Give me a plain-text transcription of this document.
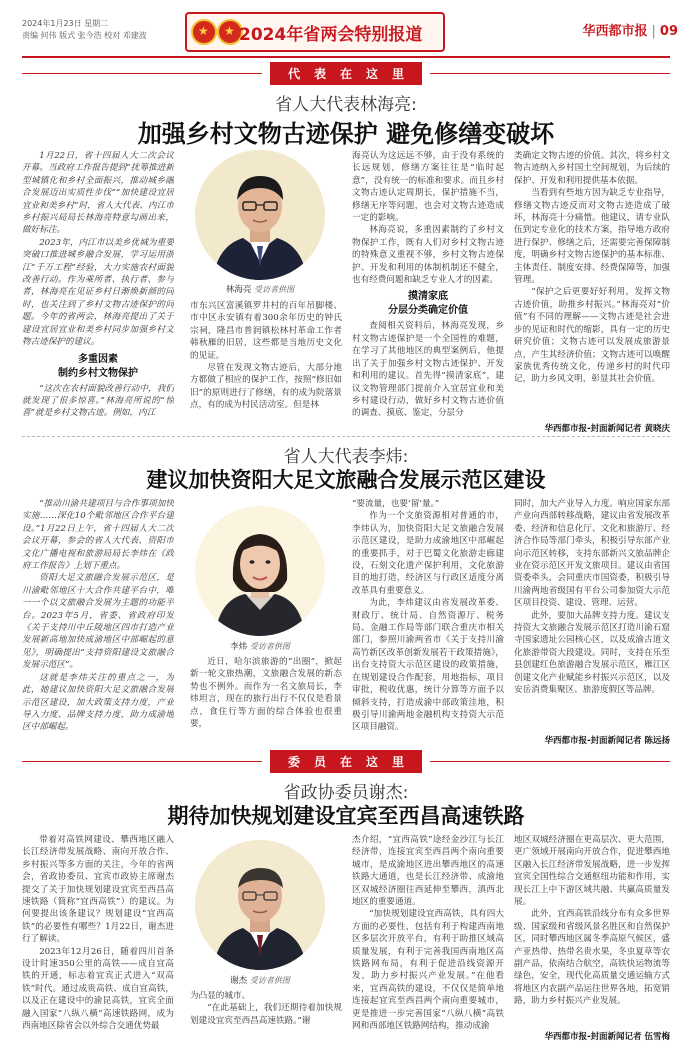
2024年1月23日 星期二
责编 何伟 版式 张今浩 校对 邓建波	★ ★ 2024年省两会特别报道	华西都市报 | 09
代表在这里
省人大代表林海亮:
加强乡村文物古迹保护 避免修缮变破坏

1月22日，省十四届人大二次会议开幕。当政府工作报告提到“扰筹推进新型城镇化和乡村全面振兴，推动城乡融合发展迈出实质性步伐”“加快建设宜居宜业和美乡村”时，省人大代表、内江市乡村振兴局局长林海亮特意勾画出来，做好标注。

2023年，内江市以美乡优城为重要突破口推进城乡融合发展，学习运用浙江“千万工程”经验，大力实施农村面貌改善行动。作为乘所者、执行者、参与者，林海亮在见证乡村日渐焕新颜的同时，也关注到了乡村文物古迹保护的问题。今年的省两会，林海亮提出了关于建设宜居宜业和美乡村同步加强乡村文物古迹保护的建议。

多重因素
制约乡村文物保护

“这次在农村面貌改善行动中，我们就发现了很多惊喜。”林海亮所说的“惊喜”就是乡村文物古迹。例如，内江

林海亮 受访者供图

市东兴区富溪镇罗井村的百年吊脚楼、市中区永安镇有着300余年历史的钟氏宗祠，隆昌市普润镇松林村革命工作者韩秋雁的旧居，这些都是当地历史文化的见证。

尽管在发现文物古迹后，大部分地方都做了相应的保护工作，按照“修旧如旧”的原则进行了修缮，有的成为院落景点，有的成为村民活动室。但是林

海亮认为这远远不够，由于没有系统的长远规划，修缮方案往往是“临时起意”，没有统一的标准和要求。而且乡村文物古迹认定周期长，保护措施不当，修缮无序等问题，也会对文物古迹造成一定的影响。

林海亮说，多重因素制约了乡村文物保护工作，既有人们对乡村文物古迹的特殊意义重视不够，乡村文物古迹保护、开发和利用的体制机制还不健全，也有经费问题和缺乏专业人才的因素。

摸清家底
分层分类确定价值

查阅相关资料后，林海亮发现，乡村文物古迹保护是一个全国性的难题，在学习了其他地区的典型案例后，他提出了关于加强乡村文物古迹保护、开发和利用的建议。首先得“摸清家底”，建议文物管理部门提前介入宜居宜业和美乡村建设行动，做好乡村文物古迹价值的调查、摸底、鉴定，分层分

类确定文物古迹的价值。其次，将乡村文物古迹纳入乡村国土空间规划，为后续的保护、开发和利用提供基本依据。

当看到有些地方因为缺乏专业指导，修缮文物古迹反而对文物古迹造成了破坏，林海亮十分痛惜。他建议，请专业队伍到定专业化的技术方案，指导地方政府进行保护、修缮之后，还需要完善保障制度，明确乡村文物古迹保护的基本标准、主体责任、制度安排、经费保障等，加强管理。

“保护之后更要好好利用，发挥文物古迹价值，助推乡村振兴。”林海亮对“价值”有不同的理解——文物古迹是社会进步的见证和时代的缩影，具有一定的历史研究价值；文物古迹可以发展成旅游景点，产生其经济价值；文物古迹可以唤醒家族优秀传统文化，传递乡村的时代印记，助力乡风文明，彰显其社会价值。

华西都市报-封面新闻记者 黄晓庆
省人大代表李炜:
建议加快资阳大足文旅融合发展示范区建设

“推动川渝共建项目与合作事项加快实施……深化10个毗邻地区合作平台建设。”1月22日上午，省十四届人大二次会议开幕，参会的省人大代表、资阳市文化广播电视和旅游局局长李炜在《政府工作报告》上划下重点。

资阳大足文旅融合发展示范区，是川渝毗邻地区十大合作共建平台中，唯一一个以文旅融合发展为主题的功能平台。2023年5月，省委、省政府印发《关于支持川中丘陵地区四市打造产业发展新高地加快成渝地区中部崛起的意见》，明确提出“支持资阳建设文旅融合发展示范区”。

这就是李炜关注的重点之一，为此，她建议加快资阳大足文旅融合发展示范区建设，加大政策支持力度，产业导入力度、品牌支持力度，助力成渝地区中部崛起。

李炜 受访者供图

近日，哈尔滨旅游的“出圈”，掀起新一轮文旅热潮，文旅融合发展的新态势也不例外。而作为一名文旅局长，李炜坦言，现在的旅行出行不仅仅是看景点，食住行等方面的综合体验也很重要，

“要流量，也要‘留’量。”

作为一个文旅资源相对普通的市，李炜认为，加快资阳大足文旅融合发展示范区建设，是助力成渝地区中部崛起的重要抓手，对于巴蜀文化旅游走廊建设，石刻文化遗产保护利用，文化旅游目的地打造，经济区与行政区适度分离改革具有重要意义。

为此，李炜建议由省发展改革委、财政厅、统计局、自然资源厅、税务局、金融工作局等部门联合重庆市相关部门，参照川渝两省市《关于支持川渝高竹新区改革创新发展若干政策措施》，出台支持资大示范区建设的政策措施，在规划建设合作配套，用地指标，项目审批，税收优惠，统计分算等方面予以倾斜支持，打造成渝中部政策洼地，积极引导川渝两地金融机构支持资大示范区项目融资。

同时，加大产业导入力度。响应国家东部产业向西部转移战略，建议由省发展改革委、经济和信息化厅、文化和旅游厅、经济合作局等部门牵头，积极引导东部产业向示范区转移，支持东部新兴文旅品牌企业在资示范区开发文旅项目。建议由省国资委牵头，会同重庆市国资委，积极引导川渝两地省级国有平台公司参加资大示范区项目投资、建设、管理、运营。

此外，要加大品牌支持力度。建议支持资大文旅融合发展示范区打造川渝石窟寺国家遗址公园核心区，以及成渝古道文化旅游带资大段建设。同时，支持在乐至县创建红色旅游融合发展示范区，雁江区创建文化产业赋能乡村振兴示范区，以及安岳消费集聚区、旅游度假区等品牌。

华西都市报-封面新闻记者 陈远扬
委员在这里
省政协委员谢杰:
期待加快规划建设宜宾至西昌高速铁路

带着对高铁网建设、攀西地区融入长江经济带发展战略、南向开放合作、乡村振兴等多方面的关注，今年的省两会，省政协委员、宜宾市政协主席谢杰提交了关于加快规划建设宜宾至西昌高速铁路（简称“宜西高铁”）的建议。为何要提出该条建议？规划建设“宜西高铁”的必要性有哪些？1月22日，谢杰进行了解读。

2023年12月26日，随着四川首条设计时速350公里的高铁——成自宜高铁的开通，标志着宜宾正式进入“双高铁”时代。通过成贵高铁、成自宜高铁，以及正在建设中的渝昆高铁，宜宾全面融入国家“八纵八横”高速铁路网，成为西南地区除省会以外综合交通优势最

谢杰 受访者供图

为凸显的城市。

“在此基础上，我们还期待着加快规划建设宜宾至西昌高速铁路。”谢

杰介绍，“宜西高铁”途经金沙江与长江经济带，连接宜宾至西昌两个南向重要城市，是成渝地区进出攀西地区的高速铁路大通道，也是长江经济带、成渝地区双城经济圈往西延伸至攀西，滇西北地区的重要通道。

“加快规划建设宜西高铁，具有四大方面的必要性，包括有利于构建西南地区多层次开放平台，有利于助推区域高质量发展，有利于完善我国西南地区高铁路网布局，有利于促进沿线资源开发，助力乡村振兴产业发展。”在他看来，宜西高铁的建设，不仅仅是简单地连接起宜宾至西昌两个南向重要城市，更是推进一步完善国家“八纵八横”高铁网和西部地区铁路网结构，推动成渝

地区双城经济圈在更高层次、更大范围，更广领域开展南向开放合作，促进攀西地区融入长江经济带发展战略，进一步发挥宜宾全国性综合交通枢纽功能和作用，实现长江上中下游区域共融、共赢高质量发展。

此外，宜西高铁沿线分布有众多世界级、国家级和省级风景名胜区和自然保护区，同时攀西地区属冬季高原气候区，盛产亚热带、热带名贵水果，冬虫夏草等农副产品，依南结合航空，高铁快运物流等绿色，安全，现代化高质量交通运输方式将地区内农副产品运往世界各地，拓宽销路，助力乡村振兴产业发展。

华西都市报-封面新闻记者 伍雪梅
